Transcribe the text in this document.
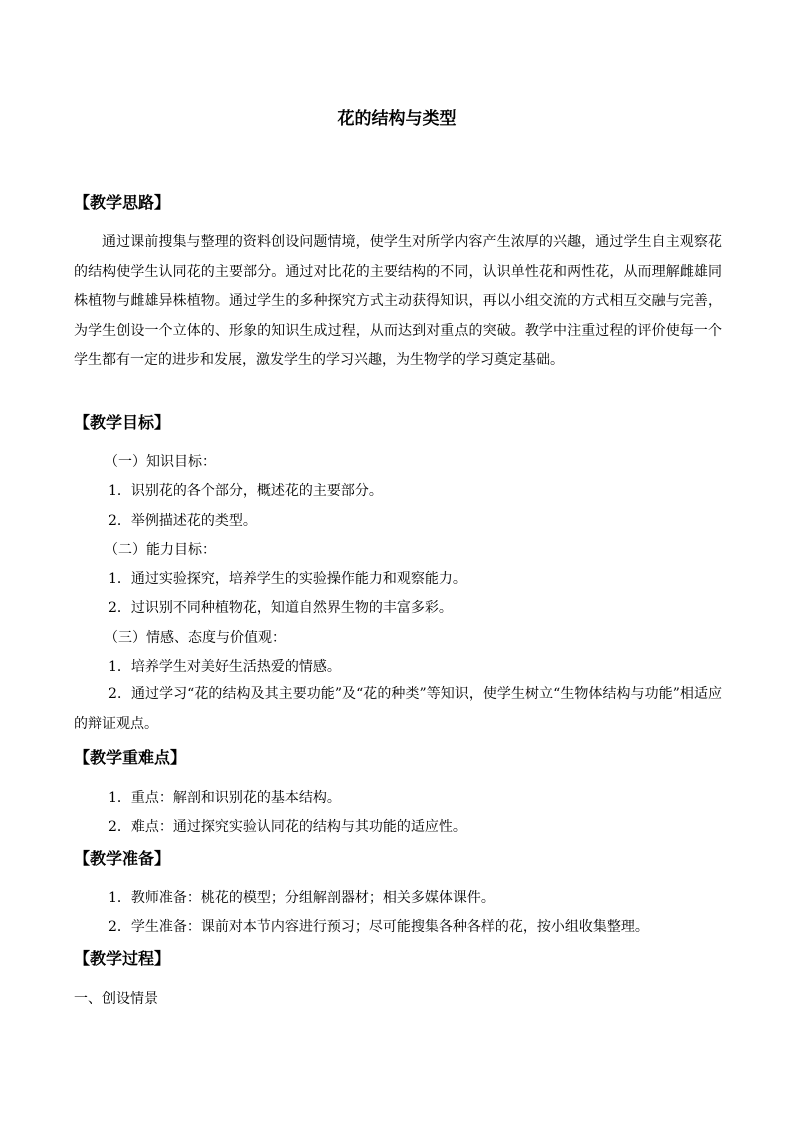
花的结构与类型
【教学思路】
通过课前搜集与整理的资料创设问题情境，使学生对所学内容产生浓厚的兴趣，通过学生自主观察花的结构使学生认同花的主要部分。通过对比花的主要结构的不同，认识单性花和两性花，从而理解雌雄同株植物与雌雄异株植物。通过学生的多种探究方式主动获得知识，再以小组交流的方式相互交融与完善，为学生创设一个立体的、形象的知识生成过程，从而达到对重点的突破。教学中注重过程的评价使每一个学生都有一定的进步和发展，激发学生的学习兴趣，为生物学的学习奠定基础。
【教学目标】
（一）知识目标：
1．识别花的各个部分，概述花的主要部分。
2．举例描述花的类型。
（二）能力目标：
1．通过实验探究，培养学生的实验操作能力和观察能力。
2．过识别不同种植物花，知道自然界生物的丰富多彩。
（三）情感、态度与价值观：
1．培养学生对美好生活热爱的情感。
2．通过学习“花的结构及其主要功能”及“花的种类”等知识，使学生树立“生物体结构与功能”相适应的辩证观点。
【教学重难点】
1．重点：解剖和识别花的基本结构。
2．难点：通过探究实验认同花的结构与其功能的适应性。
【教学准备】
1．教师准备：桃花的模型；分组解剖器材；相关多媒体课件。
2．学生准备：课前对本节内容进行预习；尽可能搜集各种各样的花，按小组收集整理。
【教学过程】
一、创设情景
